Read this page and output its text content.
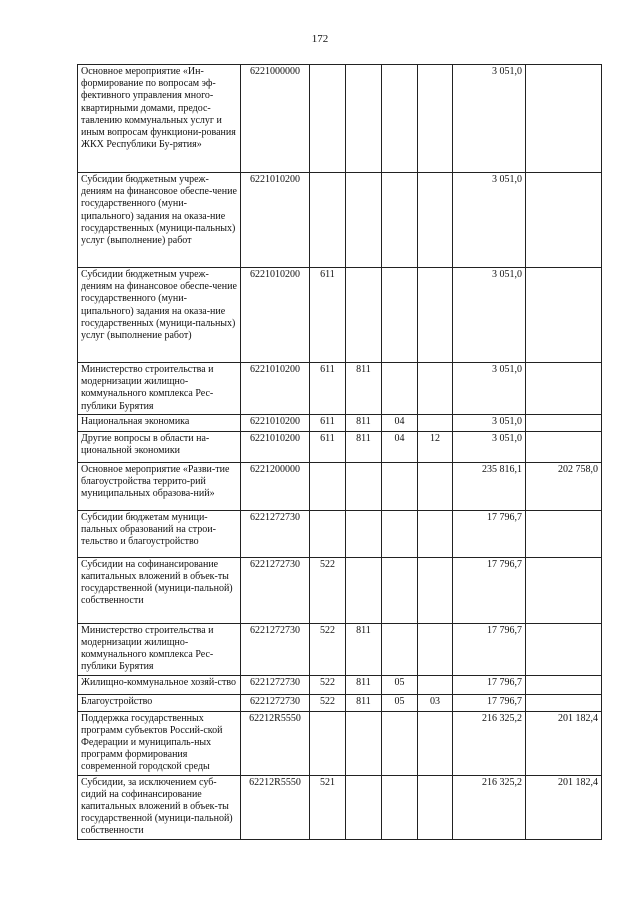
172
Основное мероприятие «Ин-формирование по вопросам эф-фективного управления много-квартирными домами, предос-тавлению коммунальных услуг и иным вопросам функциони-рования ЖКХ Республики Бу-рятия»	6221000000					3 051,0	
Субсидии бюджетным учреж-дениям на финансовое обеспе-чение государственного (муни-ципального) задания на оказа-ние государственных (муници-пальных) услуг (выполнение) работ	6221010200					3 051,0	
Субсидии бюджетным учреж-дениям на финансовое обеспе-чение государственного (муни-ципального) задания на оказа-ние государственных (муници-пальных) услуг (выполнение работ)	6221010200	611				3 051,0	
Министерство строительства и модернизации жилищно-коммунального комплекса Рес-публики Бурятия	6221010200	611	811			3 051,0	
Национальная экономика	6221010200	611	811	04		3 051,0	
Другие вопросы в области на-циональной экономики	6221010200	611	811	04	12	3 051,0	
Основное мероприятие «Разви-тие благоустройства террито-рий муниципальных образова-ний»	6221200000					235 816,1	202 758,0
Субсидии бюджетам муници-пальных образований на строи-тельство и благоустройство	6221272730					17 796,7	
Субсидии на софинансирование капитальных вложений в объек-ты государственной (муници-пальной) собственности	6221272730	522				17 796,7	
Министерство строительства и модернизации жилищно-коммунального комплекса Рес-публики Бурятия	6221272730	522	811			17 796,7	
Жилищно-коммунальное хозяй-ство	6221272730	522	811	05		17 796,7	
Благоустройство	6221272730	522	811	05	03	17 796,7	
Поддержка государственных программ субъектов Россий-ской Федерации и муниципаль-ных программ формирования современной городской среды	62212R5550					216 325,2	201 182,4
Субсидии, за исключением суб-сидий на софинансирование капитальных вложений в объек-ты государственной (муници-пальной) собственности	62212R5550	521				216 325,2	201 182,4
